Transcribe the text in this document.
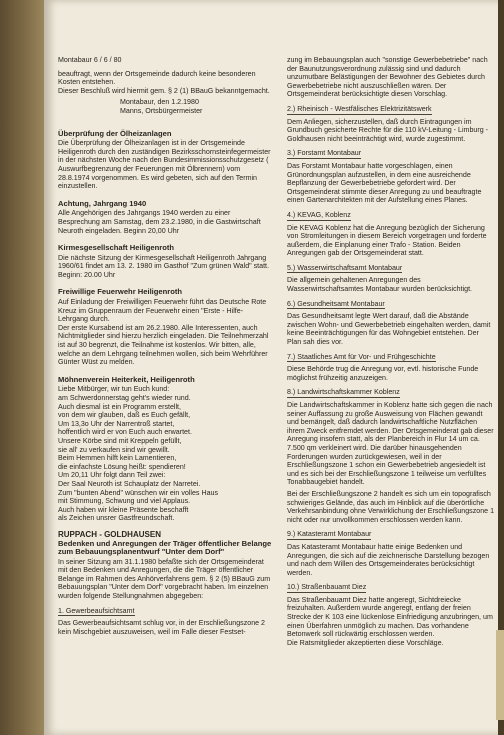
Montabaur 6 / 6 / 80

beauftragt, wenn der Ortsgemeinde dadurch keine besonderen Kosten entstehen.

Dieser Beschluß wird hiermit gem. § 2 (1) BBauG bekanntgemacht.

Montabaur, den 1.2.1980

Manns, Ortsbürgermeister

Überprüfung der Ölheizanlagen

Die Überprüfung der Ölheizanlagen ist in der Ortsgemeinde Heiligenroth durch den zuständigen Bezirksschornsteinfegermeister in der nächsten Woche nach den Bundesimmissionsschutzgesetz ( Auswurfbegrenzung der Feuerungen mit Ölbrennern) vom 28.8.1974 vorgenommen. Es wird gebeten, sich auf den Termin einzustellen.

Achtung, Jahrgang 1940

Alle Angehörigen des Jahrgangs 1940 werden zu einer Besprechung am Samstag, dem 23.2.1980, in die Gastwirtschaft Neuroth eingeladen. Beginn 20,00 Uhr

Kirmesgesellschaft Heiligenroth

Die nächste Sitzung der Kirmesgesellschaft Heiligenroth Jahrgang 1960/61 findet am 13. 2. 1980 im Gasthof "Zum grünen Wald" statt. Beginn: 20.00 Uhr

Freiwillige Feuerwehr Heiligenroth

Auf Einladung der Freiwilligen Feuerwehr führt das Deutsche Rote Kreuz im Gruppenraum der Feuerwehr einen "Erste - Hilfe-Lehrgang durch.

Der erste Kursabend ist am 26.2.1980. Alle Interessenten, auch Nichtmitglieder sind hierzu herzlich eingeladen. Die Teilnehmerzahl ist auf 30 begrenzt, die Teilnahme ist kostenlos. Wir bitten, alle, welche an dem Lehrgang teilnehmen wollen, sich beim Wehrführer Günter Wüst zu melden.

Möhnenverein Heiterkeit, Heiligenroth

Liebe Mitbürger, wir tun Euch kund:
am Schwerdonnerstag geht's wieder rund.
Auch diesmal ist ein Programm erstellt,
von dem wir glauben, daß es Euch gefällt,
Um 13,3o Uhr der Narrentroß startet,
hoffentlich wird er von Euch auch erwartet.
Unsere Körbe sind mit Kreppeln gefüllt,
sie all' zu verkaufen sind wir gewillt.
Beim Hemmen hilft kein Lamentieren,
die einfachste Lösung heißt: spendieren!
Um 20,11 Uhr folgt dann Teil zwei:
Der Saal Neuroth ist Schauplatz der Narretei.
Zum "bunten Abend" wünschen wir ein volles Haus
mit Stimmung, Schwung und viel Applaus.
Auch haben wir kleine Präsente beschafft
als Zeichen unsrer Gastfreundschaft.

RUPPACH - GOLDHAUSEN

Bedenken und Anregungen der Träger öffentlicher Belange zum Bebauungsplanentwurf "Unter dem Dorf"

In seiner Sitzung am 31.1.1980 befaßte sich der Ortsgemeinderat mit den Bedenken und Anregungen, die die Träger öffentlicher Belange im Rahmen des Anhörverfahrens gem. § 2 (5) BBauG zum Bebauungsplan "Unter dem Dorf" vorgebracht haben. Im einzelnen wurden folgende Stellungnahmen abgegeben:

1. Gewerbeaufsichtsamt

Das Gewerbeaufsichtsamt schlug vor, in der Erschließungszone 2 kein Mischgebiet auszuweisen, weil im Falle dieser Festset-

zung im Bebauungsplan auch "sonstige Gewerbebetriebe" nach der Baunutzungsverordnung zulässig sind und dadurch unzumutbare Belästigungen der Bewohner des Gebietes durch Gewerbebetriebe nicht auszuschließen wären. Der Ortsgemeinderat berücksichtigte diesen Vorschlag.

2.) Rheinisch - Westfälisches Elektrizitätswerk

Dem Anliegen, sicherzustellen, daß durch Eintragungen im Grundbuch gesicherte Rechte für die 110 kV-Leitung - Limburg - Goldhausen nicht beeinträchtigt wird, wurde zugestimmt.

3.) Forstamt Montabaur

Das Forstamt Montabaur hatte vorgeschlagen, einen Grünordnungsplan aufzustellen, in dem eine ausreichende Bepflanzung der Gewerbebetriebe gefordert wird. Der Ortsgemeinderat stimmte dieser Anregung zu und beauftragte einen Gartenarchitekten mit der Aufstellung eines Planes.

4.) KEVAG, Koblenz

Die KEVAG Koblenz hat die Anregung bezüglich der Sicherung von Stromleitungen in diesem Bereich vorgetragen und forderte außerdem, die Einplanung einer Trafo - Station. Beiden Anregungen gab der Ortsgemeinderat statt.

5.) Wasserwirtschaftsamt Montabaur

Die allgemein gehaltenen Anregungen des Wasserwirtschaftsamtes Montabaur wurden berücksichtigt.

6.) Gesundheitsamt Montabaur

Das Gesundheitsamt legte Wert darauf, daß die Abstände zwischen Wohn- und Gewerbebetrieb eingehalten werden, damit keine Beeinträchtigungen für das Wohngebiet entstehen. Der Plan sah dies vor.

7.) Staatliches Amt für Vor- und Frühgeschichte

Diese Behörde trug die Anregung vor, evtl. historische Funde möglichst frühzeitig anzuzeigen.

8.) Landwirtschaftskammer Koblenz

Die Landwirtschaftskammer in Koblenz hatte sich gegen die nach seiner Auffassung zu große Ausweisung von Flächen gewandt und bemängelt, daß dadurch landwirtschaftliche Nutzflächen ihrem Zweck entfremdet werden. Der Ortsgemeinderat gab dieser Anregung insofern statt, als der Planbereich in Flur 14 um ca. 7.500 qm verkleinert wird. Die darüber hinausgehenden Forderungen wurden zurückgewiesen, weil in der Erschließungszone 1 schon ein Gewerbebetrieb angesiedelt ist und es sich bei der Erschließungszone 1 teilweise um verfülltes Tonabbaugebiet handelt.

Bei der Erschließungszone 2 handelt es sich um ein topografisch schwieriges Gelände, das auch im Hinblick auf die überörtliche Verkehrsanbindung ohne Verwirklichung der Erschließungszone 1 nicht oder nur unvollkommen erschlossen werden kann.

9.) Katasteramt Montabaur

Das Katasteramt Montabaur hatte einige Bedenken und Anregungen, die sich auf die zeichnerische Darstellung bezogen und nach dem Willen des Ortsgemeinderates berücksichtigt werden.

10.) Straßenbauamt Diez

Das Straßenbauamt Diez hatte angeregt, Sichtdreiecke freizuhalten. Außerdem wurde angeregt, entlang der freien Strecke der K 103 eine lückenlose Einfriedigung anzubringen, um einen Überfahren unmöglich zu machen. Das vorhandene Betonwerk soll rückwärtig erschlossen werden.

Die Ratsmitglieder akzeptierten diese Vorschläge.
